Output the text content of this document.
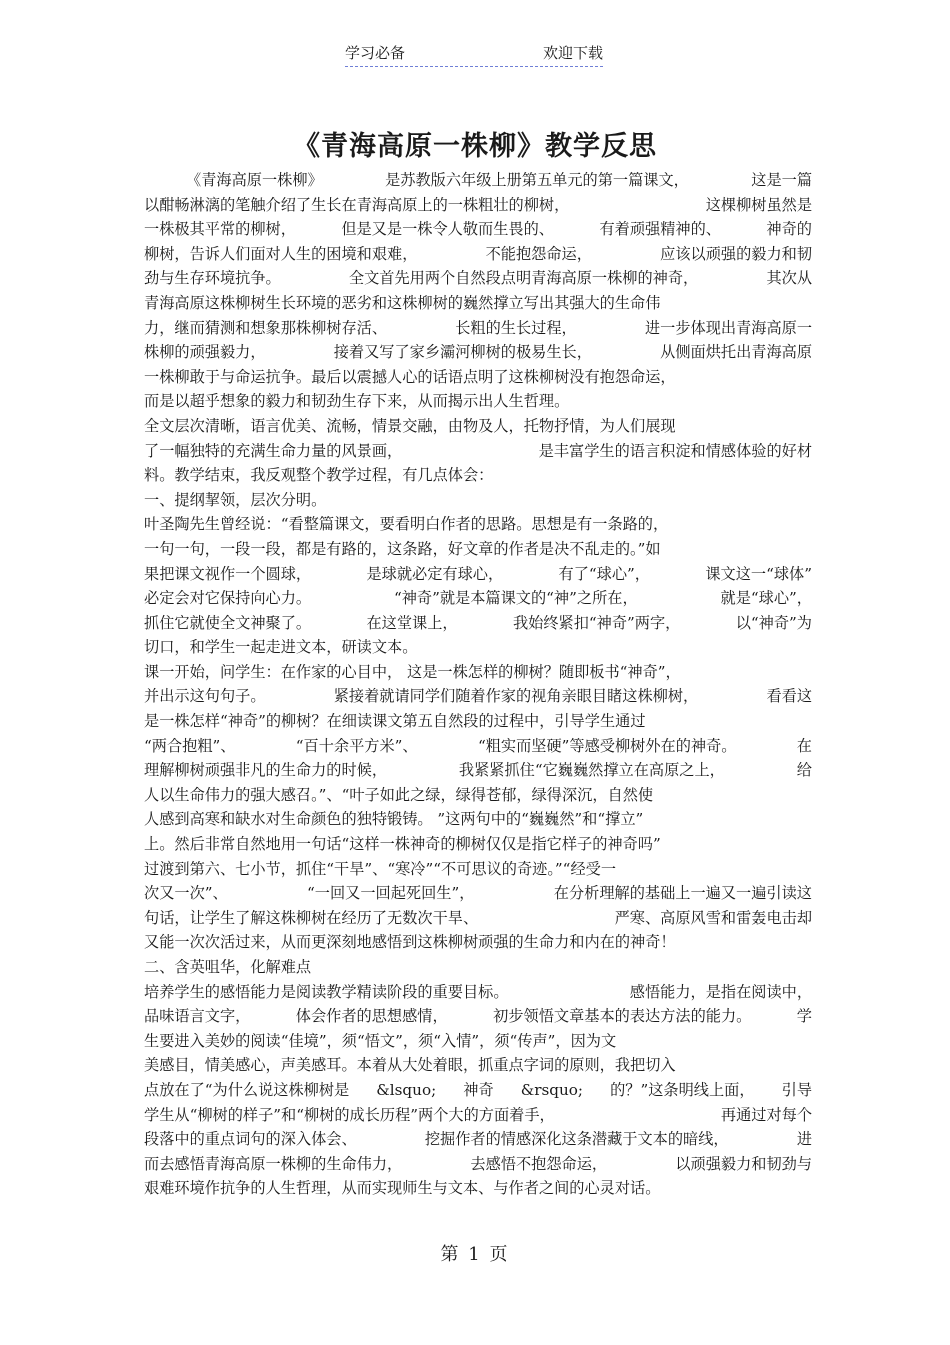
学习必备	欢迎下载
《青海高原一株柳》教学反思
《青海高原一株柳》	是苏教版六年级上册第五单元的第一篇课文，	这是一篇
以酣畅淋漓的笔触介绍了生长在青海高原上的一株粗壮的柳树，	这棵柳树虽然是
一株极其平常的柳树，	但是又是一株令人敬而生畏的、	有着顽强精神的、	神奇的
柳树，告诉人们面对人生的困境和艰难，	不能抱怨命运，	应该以顽强的毅力和韧
劲与生存环境抗争。	全文首先用两个自然段点明青海高原一株柳的神奇，	其次从
青海高原这株柳树生长环境的恶劣和这株柳树的巍然撑立写出其强大的生命伟
力，继而猜测和想象那株柳树存活、	长粗的生长过程，	进一步体现出青海高原一
株柳的顽强毅力，	接着又写了家乡灞河柳树的极易生长，	从侧面烘托出青海高原
一株柳敢于与命运抗争。最后以震撼人心的话语点明了这株柳树没有抱怨命运，
而是以超乎想象的毅力和韧劲生存下来，从而揭示出人生哲理。
全文层次清晰，语言优美、流畅，情景交融，由物及人，托物抒情，为人们展现
了一幅独特的充满生命力量的风景画，	是丰富学生的语言积淀和情感体验的好材
料。教学结束，我反观整个教学过程，有几点体会：
一、提纲挈领，层次分明。
叶圣陶先生曾经说：“看整篇课文，要看明白作者的思路。思想是有一条路的，
一句一句，一段一段，都是有路的，这条路，好文章的作者是决不乱走的。”如
果把课文视作一个圆球，	是球就必定有球心，	有了“球心”，	课文这一“球体”
必定会对它保持向心力。	“神奇”就是本篇课文的“神”之所在，	就是“球心”，
抓住它就使全文神聚了。	在这堂课上，	我始终紧扣“神奇”两字，	以“神奇”为
切口，和学生一起走进文本，研读文本。
课一开始，问学生：在作家的心目中， 这是一株怎样的柳树？随即板书“神奇”，
并出示这句句子。	紧接着就请同学们随着作家的视角亲眼目睹这株柳树，	看看这
是一株怎样“神奇”的柳树？在细读课文第五自然段的过程中，引导学生通过
“两合抱粗”、	“百十余平方米”、	“粗实而坚硬”等感受柳树外在的神奇。	在
理解柳树顽强非凡的生命力的时候，	我紧紧抓住“它巍巍然撑立在高原之上，	给
人以生命伟力的强大感召。”、“叶子如此之绿，绿得苍郁，绿得深沉，自然使
人感到高寒和缺水对生命颜色的独特锻铸。 ”这两句中的“巍巍然”和“撑立”
上。然后非常自然地用一句话“这样一株神奇的柳树仅仅是指它样子的神奇吗”
过渡到第六、七小节，抓住“干旱”、“寒冷”“不可思议的奇迹。”“经受一
次又一次”、	“一回又一回起死回生”，	在分析理解的基础上一遍又一遍引读这
句话，让学生了解这株柳树在经历了无数次干旱、	严寒、高原风雪和雷轰电击却
又能一次次活过来，从而更深刻地感悟到这株柳树顽强的生命力和内在的神奇！
二、含英咀华，化解难点
培养学生的感悟能力是阅读教学精读阶段的重要目标。	感悟能力，是指在阅读中，
品味语言文字，	体会作者的思想感情，	初步领悟文章基本的表达方法的能力。	学
生要进入美妙的阅读“佳境”，须“悟文”，须“入情”，须“传声”，因为文
美感目，情美感心，声美感耳。本着从大处着眼，抓重点字词的原则，我把切入
点放在了“为什么说这株柳树是 &lsquo; 神奇 &rsquo; 的？”这条明线上面， 引导
学生从“柳树的样子”和“柳树的成长历程”两个大的方面着手，	再通过对每个
段落中的重点词句的深入体会、	挖掘作者的情感深化这条潜藏于文本的暗线，	进
而去感悟青海高原一株柳的生命伟力，	去感悟不抱怨命运，	以顽强毅力和韧劲与
艰难环境作抗争的人生哲理，从而实现师生与文本、与作者之间的心灵对话。
第 1 页
